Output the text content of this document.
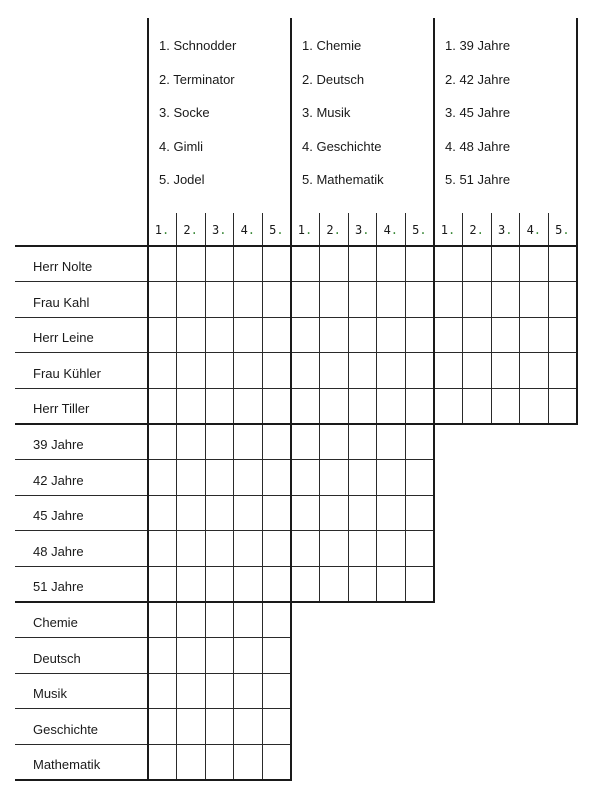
1. Schnodder
2. Terminator
3. Socke
4. Gimli
5. Jodel
1. Chemie
2. Deutsch
3. Musik
4. Geschichte
5. Mathematik
1. 39 Jahre
2. 42 Jahre
3. 45 Jahre
4. 48 Jahre
5. 51 Jahre
1.	2.	3.	4.	5.	1.	2.	3.	4.	5.	1.	2.	3.	4.	5.
Herr Nolte
Frau Kahl
Herr Leine
Frau Kühler
Herr Tiller
39 Jahre
42 Jahre
45 Jahre
48 Jahre
51 Jahre
Chemie
Deutsch
Musik
Geschichte
Mathematik
